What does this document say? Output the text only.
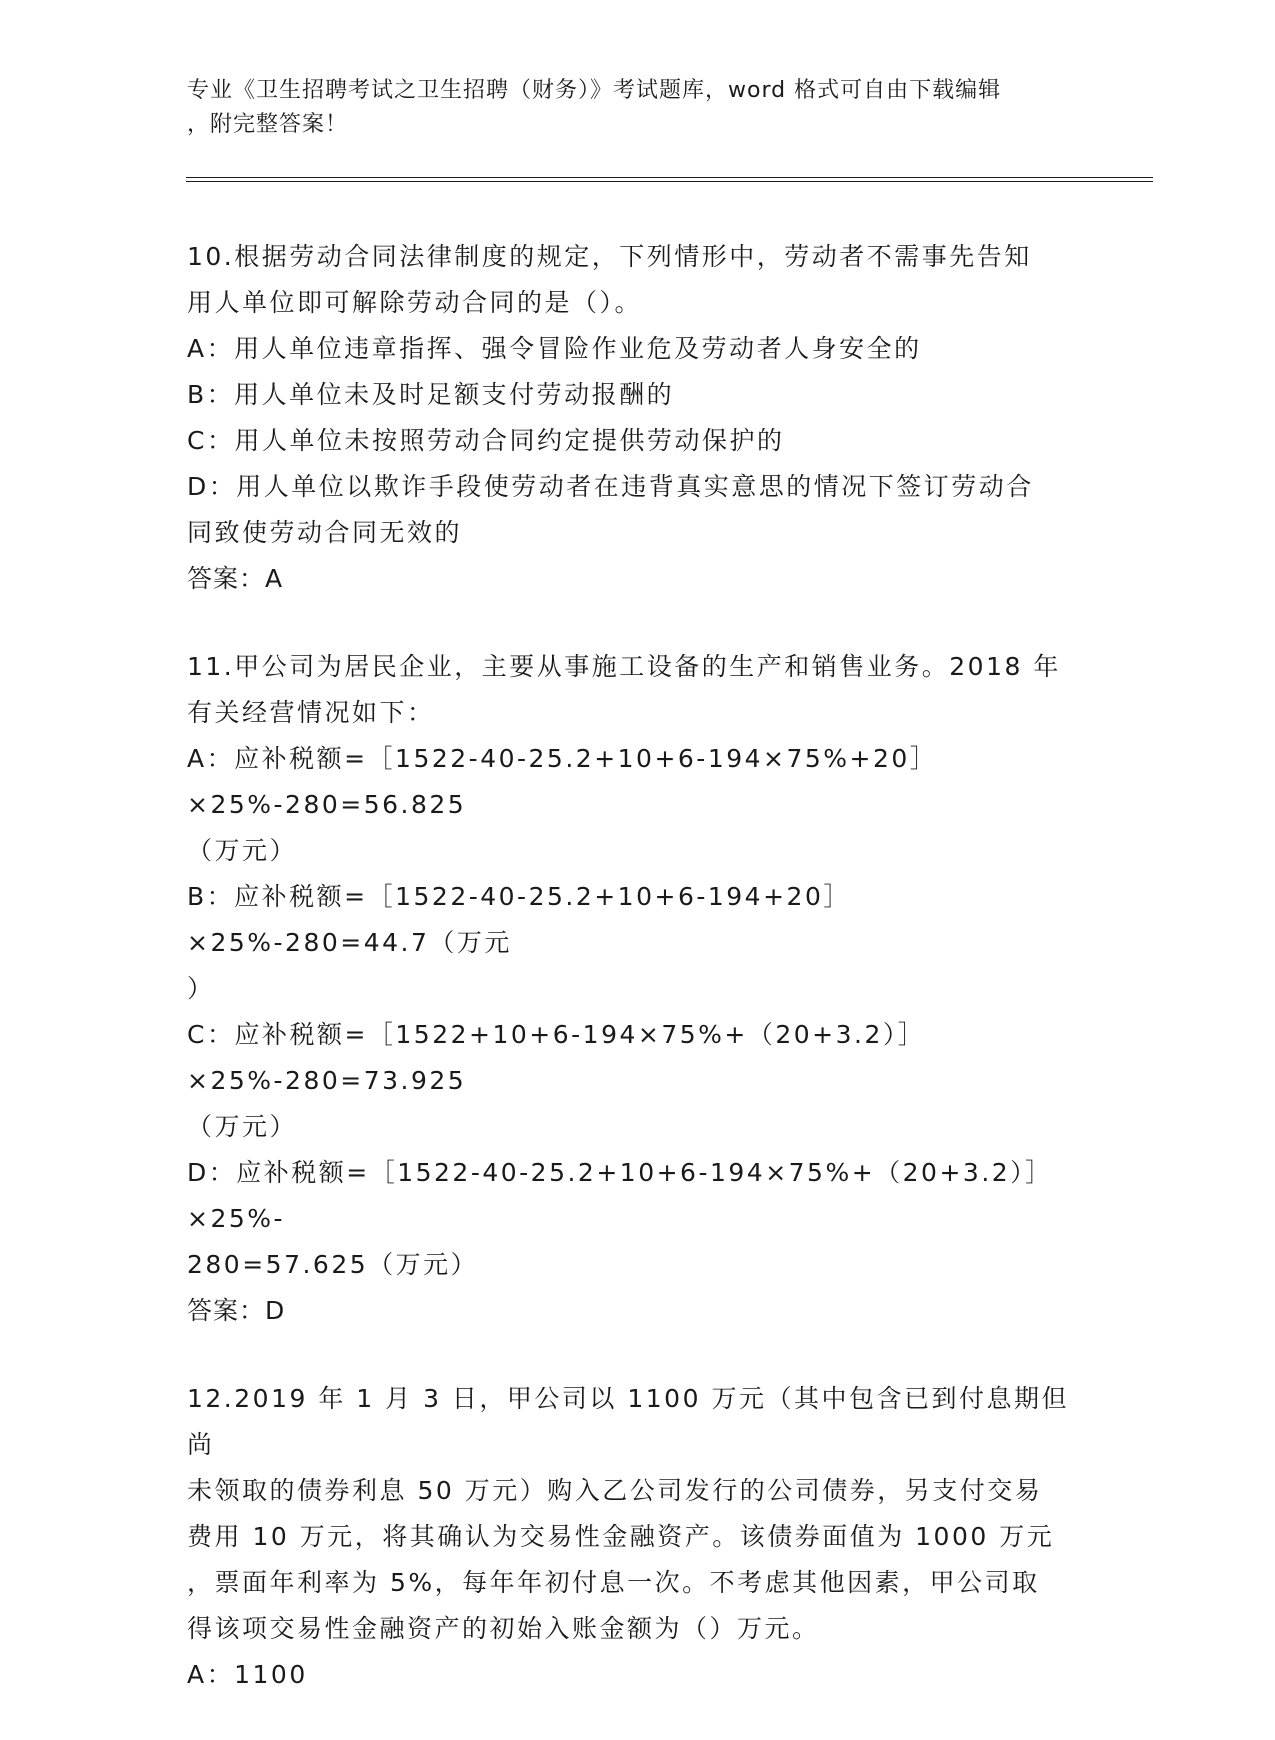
专业《卫生招聘考试之卫生招聘（财务）》考试题库，word 格式可自由下载编辑
，附完整答案！
10.根据劳动合同法律制度的规定，下列情形中，劳动者不需事先告知
用人单位即可解除劳动合同的是（）。
A：用人单位违章指挥、强令冒险作业危及劳动者人身安全的
B：用人单位未及时足额支付劳动报酬的
C：用人单位未按照劳动合同约定提供劳动保护的
D：用人单位以欺诈手段使劳动者在违背真实意思的情况下签订劳动合
同致使劳动合同无效的
答案：A
11.甲公司为居民企业，主要从事施工设备的生产和销售业务。2018 年
有关经营情况如下：
A：应补税额=［1522-40-25.2+10+6-194×75%+20］×25%-280=56.825
（万元）
B：应补税额=［1522-40-25.2+10+6-194+20］×25%-280=44.7（万元
）
C：应补税额=［1522+10+6-194×75%+（20+3.2）］×25%-280=73.925
（万元）
D：应补税额=［1522-40-25.2+10+6-194×75%+（20+3.2）］×25%-
280=57.625（万元）
答案：D
12.2019 年 1 月 3 日，甲公司以 1100 万元（其中包含已到付息期但尚
未领取的债券利息 50 万元）购入乙公司发行的公司债券，另支付交易
费用 10 万元，将其确认为交易性金融资产。该债券面值为 1000 万元
，票面年利率为 5%，每年年初付息一次。不考虑其他因素，甲公司取
得该项交易性金融资产的初始入账金额为（）万元。
A：1100
